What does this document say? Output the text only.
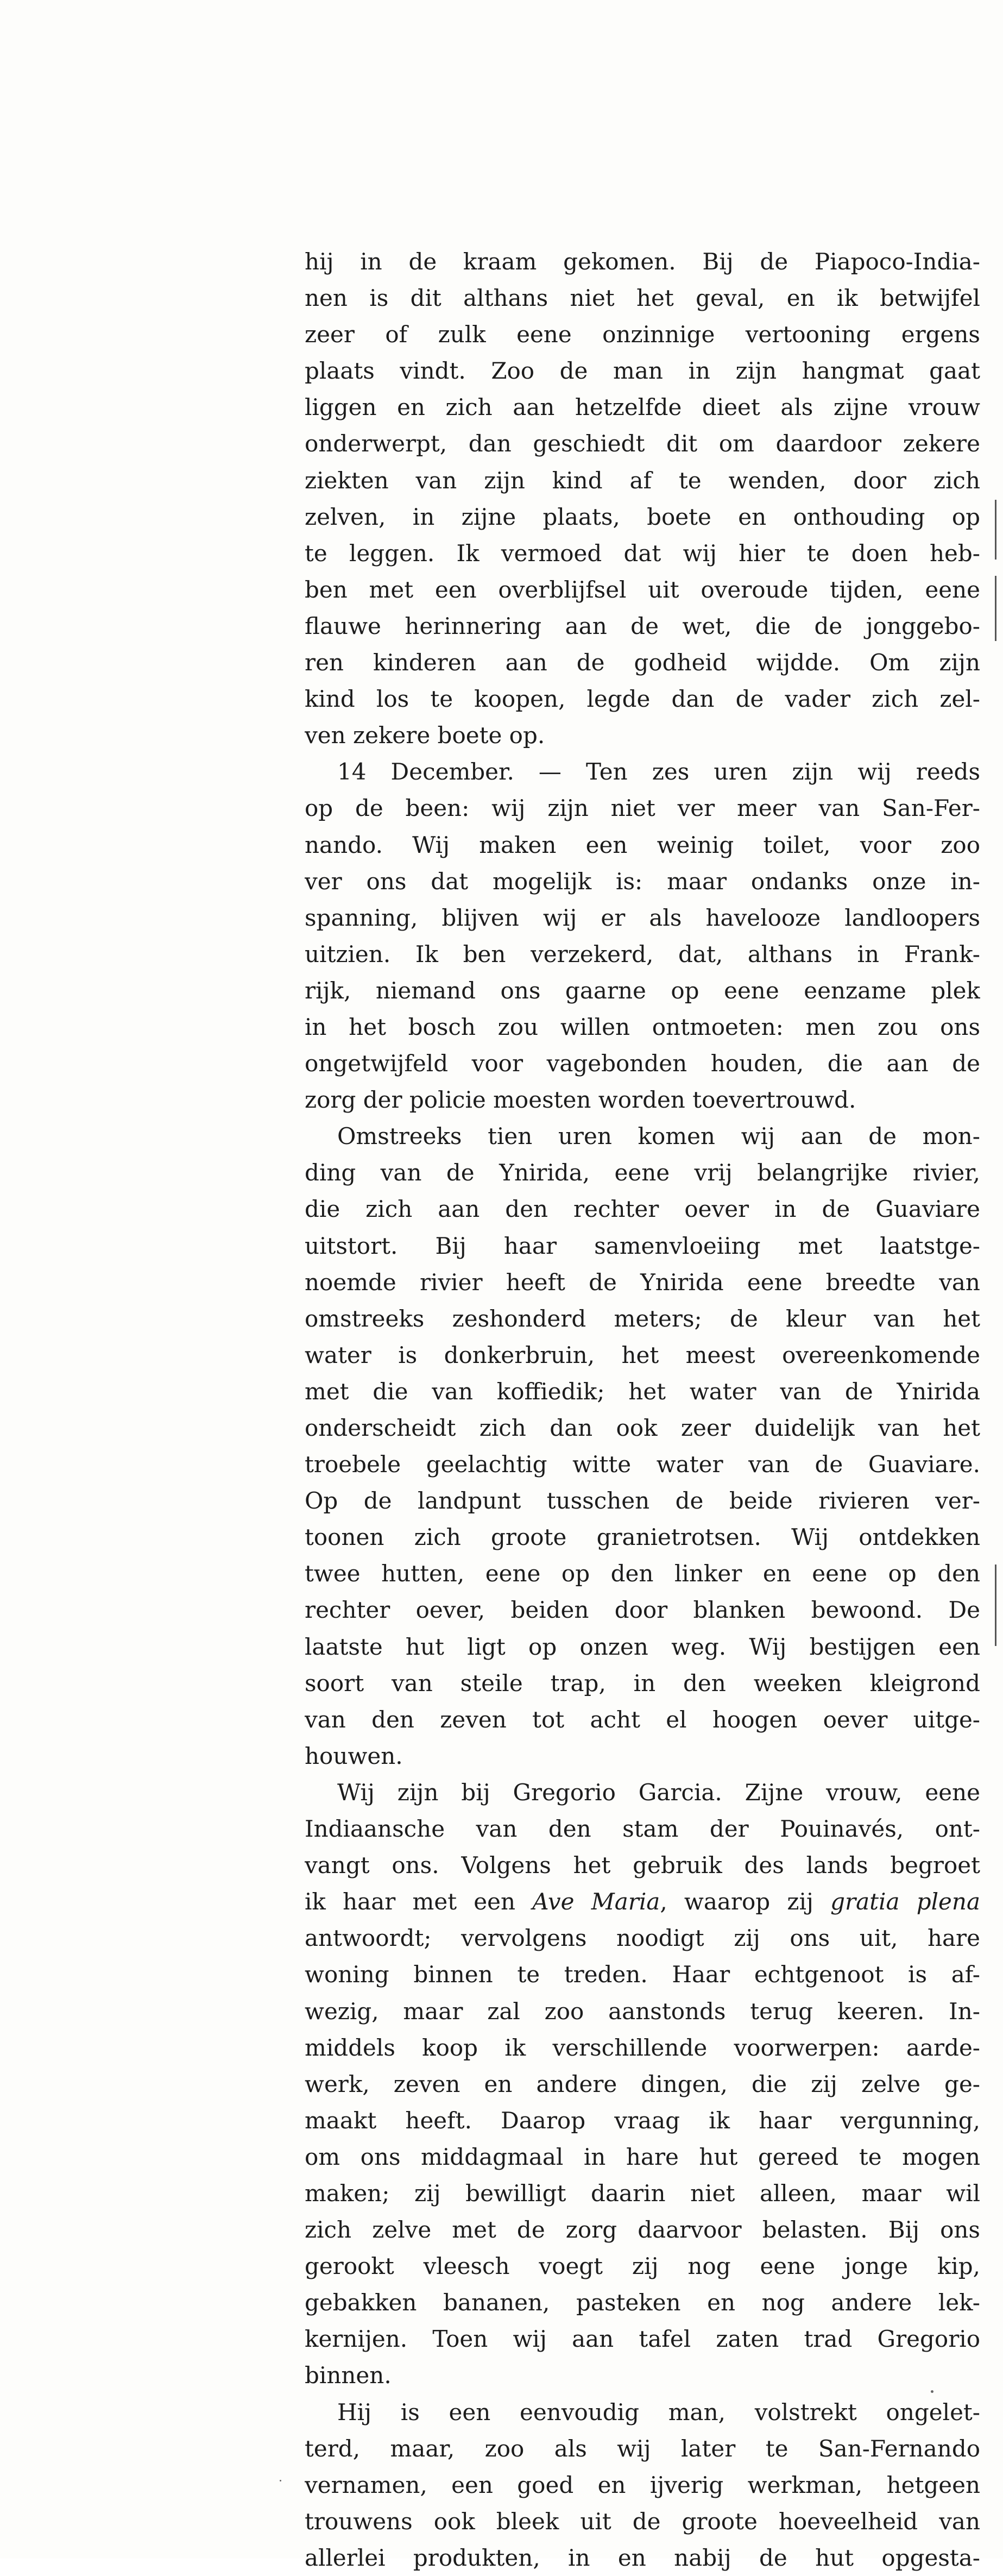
hij in de kraam gekomen. Bij de Piapoco-Indiа-
nen is dit althans niet het geval, en ik betwijfel
zeer of zulk eene onzinnige vertooning ergens
plaats vindt. Zoo de man in zijn hangmat gaat
liggen en zich aan hetzelfde dieet als zijne vrouw
onderwerpt, dan geschiedt dit om daardoor zekere
ziekten van zijn kind af te wenden, door zich
zelven, in zijne plaats, boete en onthouding op
te leggen. Ik vermoed dat wij hier te doen heb-
ben met een overblijfsel uit overoude tijden, eene
flauwe herinnering aan de wet, die de jonggebo-
ren kinderen aan de godheid wijdde. Om zijn
kind los te koopen, legde dan de vader zich zel-
ven zekere boete op.
14 December. — Ten zes uren zijn wij reeds
op de been: wij zijn niet ver meer van San-Fer-
nando. Wij maken een weinig toilet, voor zoo
ver ons dat mogelijk is: maar ondanks onze in-
spanning, blijven wij er als havelooze landloopers
uitzien. Ik ben verzekerd, dat, althans in Frank-
rijk, niemand ons gaarne op eene eenzame plek
in het bosch zou willen ontmoeten: men zou ons
ongetwijfeld voor vagebonden houden, die aan de
zorg der policie moesten worden toevertrouwd.
Omstreeks tien uren komen wij aan de mon-
ding van de Ynirida, eene vrij belangrijke rivier,
die zich aan den rechter oever in de Guaviare
uitstort. Bij haar samenvloeiing met laatstge-
noemde rivier heeft de Ynirida eene breedte van
omstreeks zeshonderd meters; de kleur van het
water is donkerbruin, het meest overeenkomende
met die van koffiedik; het water van de Ynirida
onderscheidt zich dan ook zeer duidelijk van het
troebele geelachtig witte water van de Guaviare.
Op de landpunt tusschen de beide rivieren ver-
toonen zich groote granietrotsen. Wij ontdekken
twee hutten, eene op den linker en eene op den
rechter oever, beiden door blanken bewoond. De
laatste hut ligt op onzen weg. Wij bestijgen een
soort van steile trap, in den weeken kleigrond
van den zeven tot acht el hoogen oever uitge-
houwen.
Wij zijn bij Gregorio Garcia. Zijne vrouw, eene
Indiaansche van den stam der Pouinavés, ont-
vangt ons. Volgens het gebruik des lands begroet
ik haar met een Ave Maria, waarop zij gratia plena
antwoordt; vervolgens noodigt zij ons uit, hare
woning binnen te treden. Haar echtgenoot is af-
wezig, maar zal zoo aanstonds terug keeren. In-
middels koop ik verschillende voorwerpen: aarde-
werk, zeven en andere dingen, die zij zelve ge-
maakt heeft. Daarop vraag ik haar vergunning,
om ons middagmaal in hare hut gereed te mogen
maken; zij bewilligt daarin niet alleen, maar wil
zich zelve met de zorg daarvoor belasten. Bij ons
gerookt vleesch voegt zij nog eene jonge kip,
gebakken bananen, pasteken en nog andere lek-
kernijen. Toen wij aan tafel zaten trad Gregorio
binnen.
Hij is een eenvoudig man, volstrekt ongelet-
terd, maar, zoo als wij later te San-Fernando
vernamen, een goed en ijverig werkman, hetgeen
trouwens ook bleek uit de groote hoeveelheid van
allerlei produkten, in en nabij de hut opgesta-
